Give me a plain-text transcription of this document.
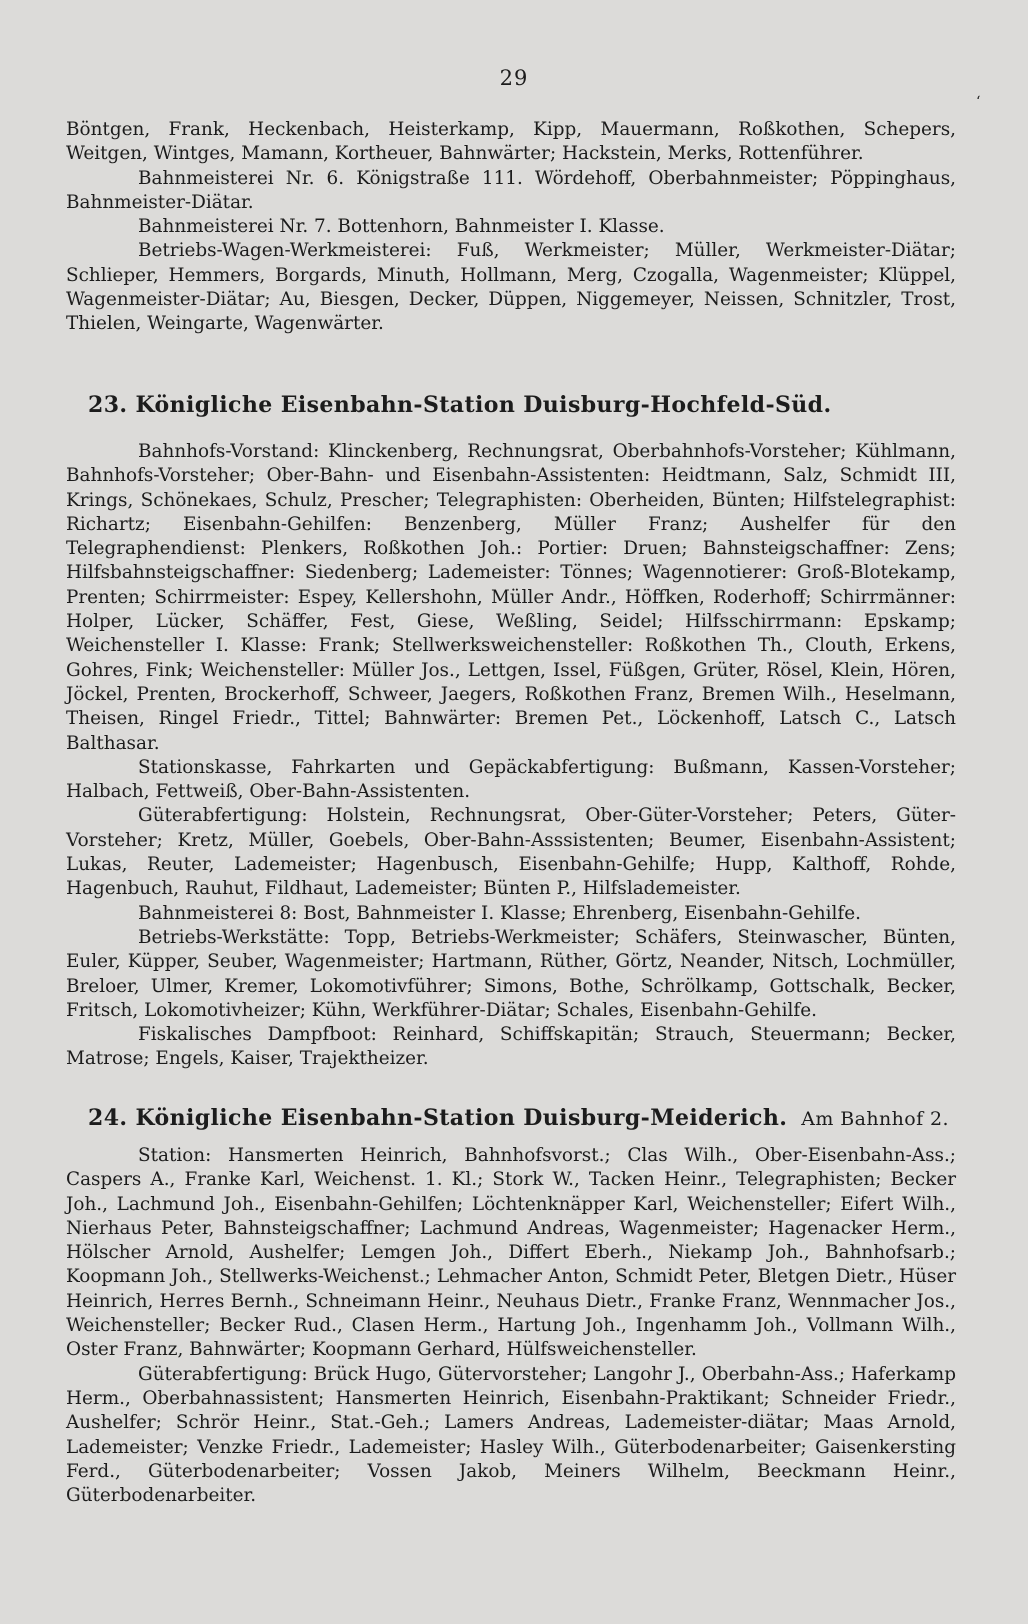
29
‘

Böntgen, Frank, Heckenbach, Heisterkamp, Kipp, Mauermann, Roßkothen, Schepers, Weitgen, Wintges, Mamann, Kortheuer, Bahnwärter; Hackstein, Merks, Rottenführer.

Bahnmeisterei Nr. 6. Königstraße 111. Wördehoff, Oberbahnmeister; Pöppinghaus, Bahnmeister-Diätar.

Bahnmeisterei Nr. 7. Bottenhorn, Bahnmeister I. Klasse.

Betriebs-Wagen-Werkmeisterei: Fuß, Werkmeister; Müller, Werkmeister-Diätar; Schlieper, Hemmers, Borgards, Minuth, Hollmann, Merg, Czogalla, Wagenmeister; Klüppel, Wagenmeister-Diätar; Au, Biesgen, Decker, Düppen, Niggemeyer, Neissen, Schnitzler, Trost, Thielen, Weingarte, Wagenwärter.

23. Königliche Eisenbahn-Station Duisburg-Hochfeld-Süd.

Bahnhofs-Vorstand: Klinckenberg, Rechnungsrat, Oberbahnhofs-Vorsteher; Kühlmann, Bahnhofs-Vorsteher; Ober-Bahn- und Eisenbahn-Assistenten: Heidtmann, Salz, Schmidt III, Krings, Schönekaes, Schulz, Prescher; Telegraphisten: Oberheiden, Bünten; Hilfstelegraphist: Richartz; Eisenbahn-Gehilfen: Benzenberg, Müller Franz; Aushelfer für den Telegraphendienst: Plenkers, Roßkothen Joh.: Portier: Druen; Bahnsteigschaffner: Zens; Hilfsbahnsteigschaffner: Siedenberg; Lademeister: Tönnes; Wagennotierer: Groß-Blotekamp, Prenten; Schirrmeister: Espey, Kellershohn, Müller Andr., Höffken, Roderhoff; Schirrmänner: Holper, Lücker, Schäffer, Fest, Giese, Weßling, Seidel; Hilfsschirrmann: Epskamp; Weichensteller I. Klasse: Frank; Stellwerksweichensteller: Roßkothen Th., Clouth, Erkens, Gohres, Fink; Weichensteller: Müller Jos., Lettgen, Issel, Füßgen, Grüter, Rösel, Klein, Hören, Jöckel, Prenten, Brockerhoff, Schweer, Jaegers, Roßkothen Franz, Bremen Wilh., Heselmann, Theisen, Ringel Friedr., Tittel; Bahnwärter: Bremen Pet., Löckenhoff, Latsch C., Latsch Balthasar.

Stationskasse, Fahrkarten und Gepäckabfertigung: Bußmann, Kassen-Vorsteher; Halbach, Fettweiß, Ober-Bahn-Assistenten.

Güterabfertigung: Holstein, Rechnungsrat, Ober-Güter-Vorsteher; Peters, Güter-Vorsteher; Kretz, Müller, Goebels, Ober-Bahn-Asssistenten; Beumer, Eisenbahn-Assistent; Lukas, Reuter, Lademeister; Hagenbusch, Eisenbahn-Gehilfe; Hupp, Kalthoff, Rohde, Hagenbuch, Rauhut, Fildhaut, Lademeister; Bünten P., Hilfslademeister.

Bahnmeisterei 8: Bost, Bahnmeister I. Klasse; Ehrenberg, Eisenbahn-Gehilfe.

Betriebs-Werkstätte: Topp, Betriebs-Werkmeister; Schäfers, Steinwascher, Bünten, Euler, Küpper, Seuber, Wagenmeister; Hartmann, Rüther, Görtz, Neander, Nitsch, Lochmüller, Breloer, Ulmer, Kremer, Lokomotivführer; Simons, Bothe, Schrölkamp, Gottschalk, Becker, Fritsch, Lokomotivheizer; Kühn, Werkführer-Diätar; Schales, Eisenbahn-Gehilfe.

Fiskalisches Dampfboot: Reinhard, Schiffskapitän; Strauch, Steuermann; Becker, Matrose; Engels, Kaiser, Trajektheizer.

24. Königliche Eisenbahn-Station Duisburg-Meiderich. Am Bahnhof 2.

Station: Hansmerten Heinrich, Bahnhofsvorst.; Clas Wilh., Ober-Eisenbahn-Ass.; Caspers A., Franke Karl, Weichenst. 1. Kl.; Stork W., Tacken Heinr., Telegraphisten; Becker Joh., Lachmund Joh., Eisenbahn-Gehilfen; Löchtenknäpper Karl, Weichensteller; Eifert Wilh., Nierhaus Peter, Bahnsteigschaffner; Lachmund Andreas, Wagenmeister; Hagenacker Herm., Hölscher Arnold, Aushelfer; Lemgen Joh., Differt Eberh., Niekamp Joh., Bahnhofsarb.; Koopmann Joh., Stellwerks-Weichenst.; Lehmacher Anton, Schmidt Peter, Bletgen Dietr., Hüser Heinrich, Herres Bernh., Schneimann Heinr., Neuhaus Dietr., Franke Franz, Wennmacher Jos., Weichensteller; Becker Rud., Clasen Herm., Hartung Joh., Ingenhamm Joh., Vollmann Wilh., Oster Franz, Bahnwärter; Koopmann Gerhard, Hülfsweichensteller.

Güterabfertigung: Brück Hugo, Gütervorsteher; Langohr J., Oberbahn-Ass.; Haferkamp Herm., Oberbahnassistent; Hansmerten Heinrich, Eisenbahn-Praktikant; Schneider Friedr., Aushelfer; Schrör Heinr., Stat.-Geh.; Lamers Andreas, Lademeister-diätar; Maas Arnold, Lademeister; Venzke Friedr., Lademeister; Hasley Wilh., Güterbodenarbeiter; Gaisenkersting Ferd., Güterbodenarbeiter; Vossen Jakob, Meiners Wilhelm, Beeckmann Heinr., Güterbodenarbeiter.
